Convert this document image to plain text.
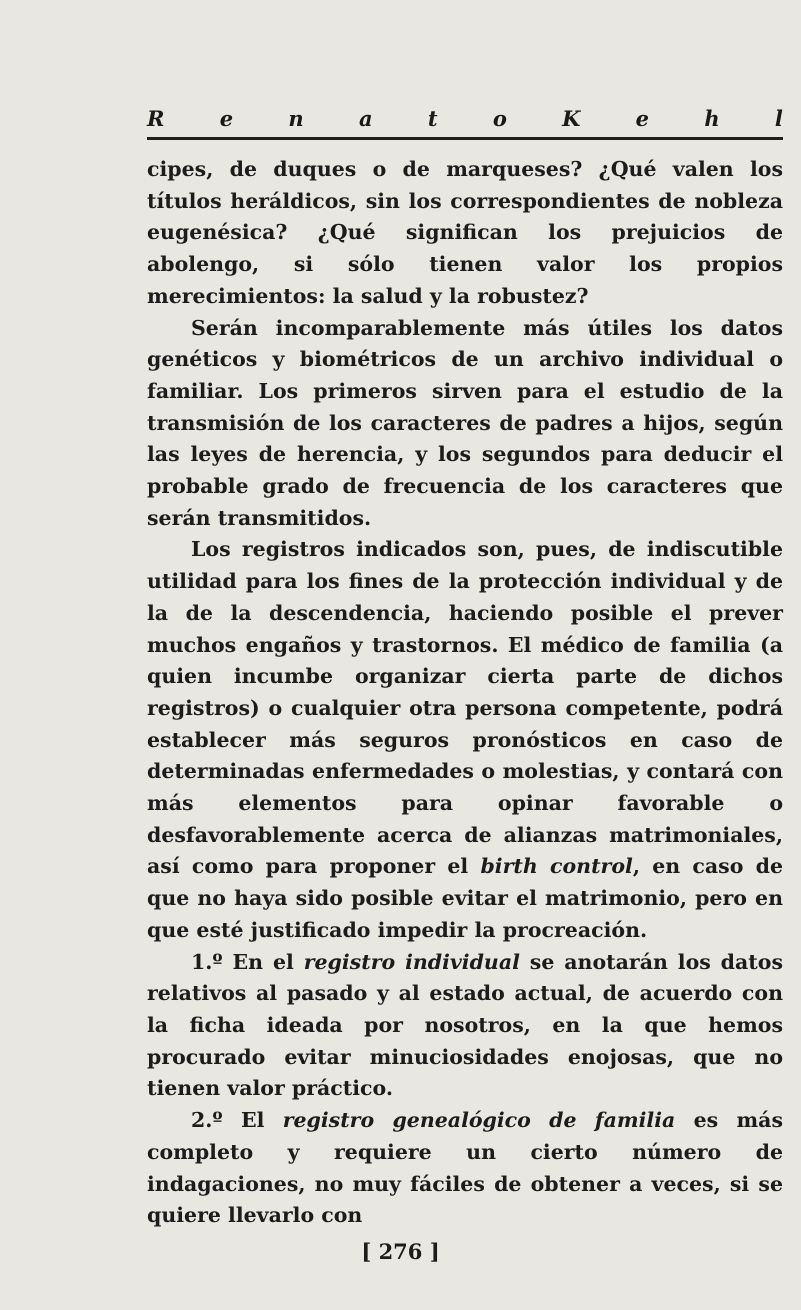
R	e	n	a	t	o	K	e	h	l

cipes, de duques o de marqueses? ¿Qué valen los títulos heráldicos, sin los correspondientes de nobleza eugenésica? ¿Qué significan los prejuicios de abolengo, si sólo tienen valor los propios merecimientos: la salud y la robustez?

Serán incomparablemente más útiles los datos genéticos y biométricos de un archivo individual o familiar. Los primeros sirven para el estudio de la transmisión de los caracteres de padres a hijos, según las leyes de herencia, y los segundos para deducir el probable grado de frecuencia de los caracteres que serán transmitidos.

Los registros indicados son, pues, de indiscutible utilidad para los fines de la protección individual y de la de la descendencia, haciendo posible el prever muchos engaños y trastornos. El médico de familia (a quien incumbe organizar cierta parte de dichos registros) o cualquier otra persona competente, podrá establecer más seguros pronósticos en caso de determinadas enfermedades o molestias, y contará con más elementos para opinar favorable o desfavorablemente acerca de alianzas matrimoniales, así como para proponer el birth control, en caso de que no haya sido posible evitar el matrimonio, pero en que esté justificado impedir la procreación.

1.º En el registro individual se anotarán los datos relativos al pasado y al estado actual, de acuerdo con la ficha ideada por nosotros, en la que hemos procurado evitar minuciosidades enojosas, que no tienen valor práctico.

2.º El registro genealógico de familia es más completo y requiere un cierto número de indagaciones, no muy fáciles de obtener a veces, si se quiere llevarlo con

[ 276 ]
